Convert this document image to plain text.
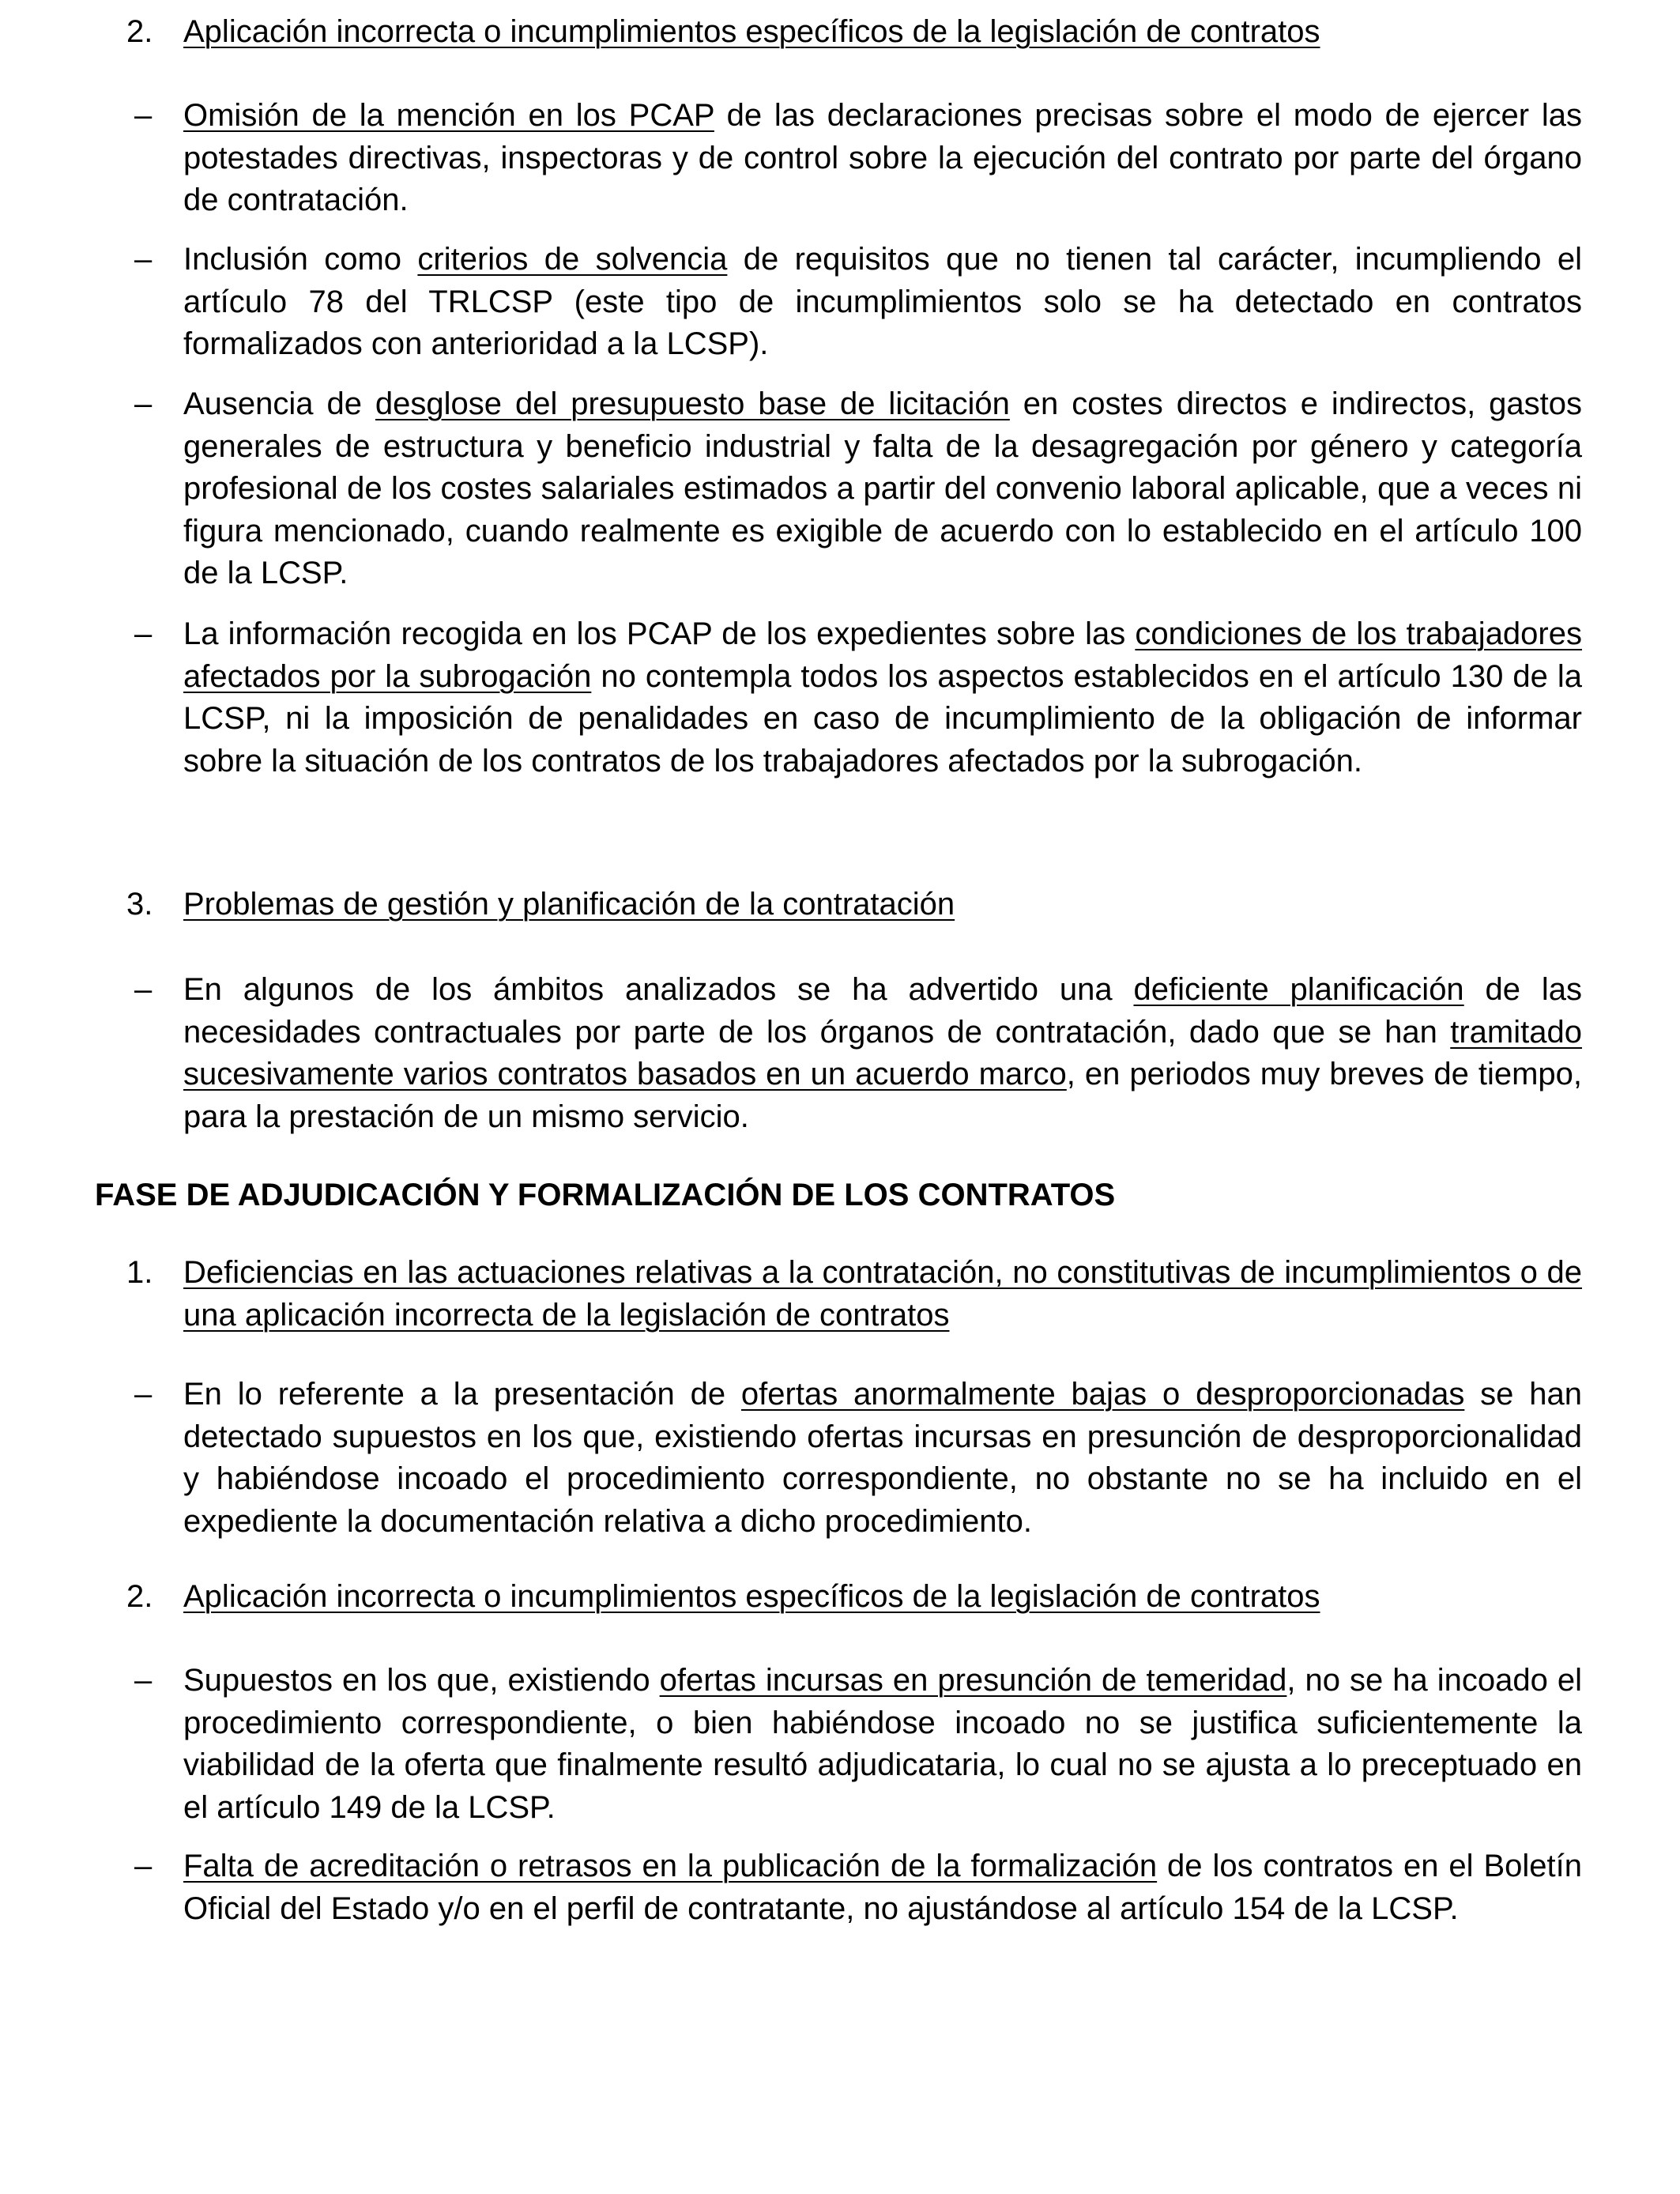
2. Aplicación incorrecta o incumplimientos específicos de la legislación de contratos

– Omisión de la mención en los PCAP de las declaraciones precisas sobre el modo de ejercer las potestades directivas, inspectoras y de control sobre la ejecución del contrato por parte del órgano de contratación.

– Inclusión como criterios de solvencia de requisitos que no tienen tal carácter, incumpliendo el artículo 78 del TRLCSP (este tipo de incumplimientos solo se ha detectado en contratos formalizados con anterioridad a la LCSP).

– Ausencia de desglose del presupuesto base de licitación en costes directos e indirectos, gastos generales de estructura y beneficio industrial y falta de la desagregación por género y categoría profesional de los costes salariales estimados a partir del convenio laboral aplicable, que a veces ni figura mencionado, cuando realmente es exigible de acuerdo con lo establecido en el artículo 100 de la LCSP.

– La información recogida en los PCAP de los expedientes sobre las condiciones de los trabajadores afectados por la subrogación no contempla todos los aspectos establecidos en el artículo 130 de la LCSP, ni la imposición de penalidades en caso de incumplimiento de la obligación de informar sobre la situación de los contratos de los trabajadores afectados por la subrogación.

3. Problemas de gestión y planificación de la contratación

– En algunos de los ámbitos analizados se ha advertido una deficiente planificación de las necesidades contractuales por parte de los órganos de contratación, dado que se han tramitado sucesivamente varios contratos basados en un acuerdo marco, en periodos muy breves de tiempo, para la prestación de un mismo servicio.

FASE DE ADJUDICACIÓN Y FORMALIZACIÓN DE LOS CONTRATOS

1. Deficiencias en las actuaciones relativas a la contratación, no constitutivas de incumplimientos o de una aplicación incorrecta de la legislación de contratos

– En lo referente a la presentación de ofertas anormalmente bajas o desproporcionadas se han detectado supuestos en los que, existiendo ofertas incursas en presunción de desproporcionalidad y habiéndose incoado el procedimiento correspondiente, no obstante no se ha incluido en el expediente la documentación relativa a dicho procedimiento.

2. Aplicación incorrecta o incumplimientos específicos de la legislación de contratos

– Supuestos en los que, existiendo ofertas incursas en presunción de temeridad, no se ha incoado el procedimiento correspondiente, o bien habiéndose incoado no se justifica suficientemente la viabilidad de la oferta que finalmente resultó adjudicataria, lo cual no se ajusta a lo preceptuado en el artículo 149 de la LCSP.

– Falta de acreditación o retrasos en la publicación de la formalización de los contratos en el Boletín Oficial del Estado y/o en el perfil de contratante, no ajustándose al artículo 154 de la LCSP.
